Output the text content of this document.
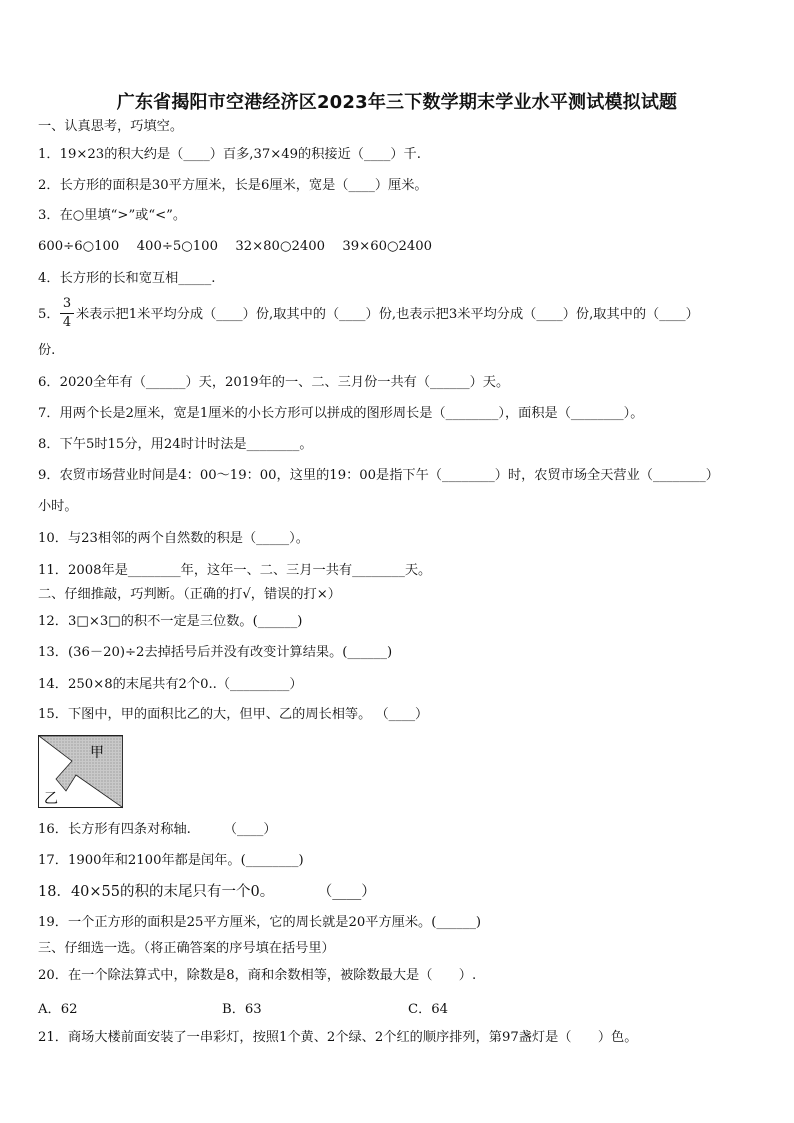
广东省揭阳市空港经济区2023年三下数学期末学业水平测试模拟试题
一、认真思考，巧填空。
1．19×23的积大约是（____）百多,37×49的积接近（____）千.
2．长方形的面积是30平方厘米，长是6厘米，宽是（____）厘米。
3．在○里填“>”或“<”。
600÷6○100　 400÷5○100　 32×80○2400　 39×60○2400
4．长方形的长和宽互相_____.
5．
3
4
米表示把1米平均分成（____）份,取其中的（____）份,也表示把3米平均分成（____）份,取其中的（____）
份.
6．2020全年有（______）天，2019年的一、二、三月份一共有（______）天。
7．用两个长是2厘米，宽是1厘米的小长方形可以拼成的图形周长是（________），面积是（________）。
8．下午5时15分，用24时计时法是________。
9．农贸市场营业时间是4：00～19：00，这里的19：00是指下午（________）时，农贸市场全天营业（________）
小时。
10．与23相邻的两个自然数的积是（_____）。
11．2008年是________年，这年一、二、三月一共有________天。
二、仔细推敲，巧判断。（正确的打√，错误的打×）
12．3□×3□的积不一定是三位数。(______)
13．(36－20)÷2去掉括号后并没有改变计算结果。(______)
14．250×8的末尾共有2个0..（_________）
15．下图中，甲的面积比乙的大，但甲、乙的周长相等。 （____）
甲
乙
16．长方形有四条对称轴.　　　（____）
17．1900年和2100年都是闰年。(________)
18．40×55的积的末尾只有一个0。　　　　（____）
19．一个正方形的面积是25平方厘米，它的周长就是20平方厘米。(______)
三、仔细选一选。（将正确答案的序号填在括号里）
20．在一个除法算式中，除数是8，商和余数相等，被除数最大是（　　）.
A．62	B．63	C．64
21．商场大楼前面安装了一串彩灯，按照1个黄、2个绿、2个红的顺序排列，第97盏灯是（　　）色。
